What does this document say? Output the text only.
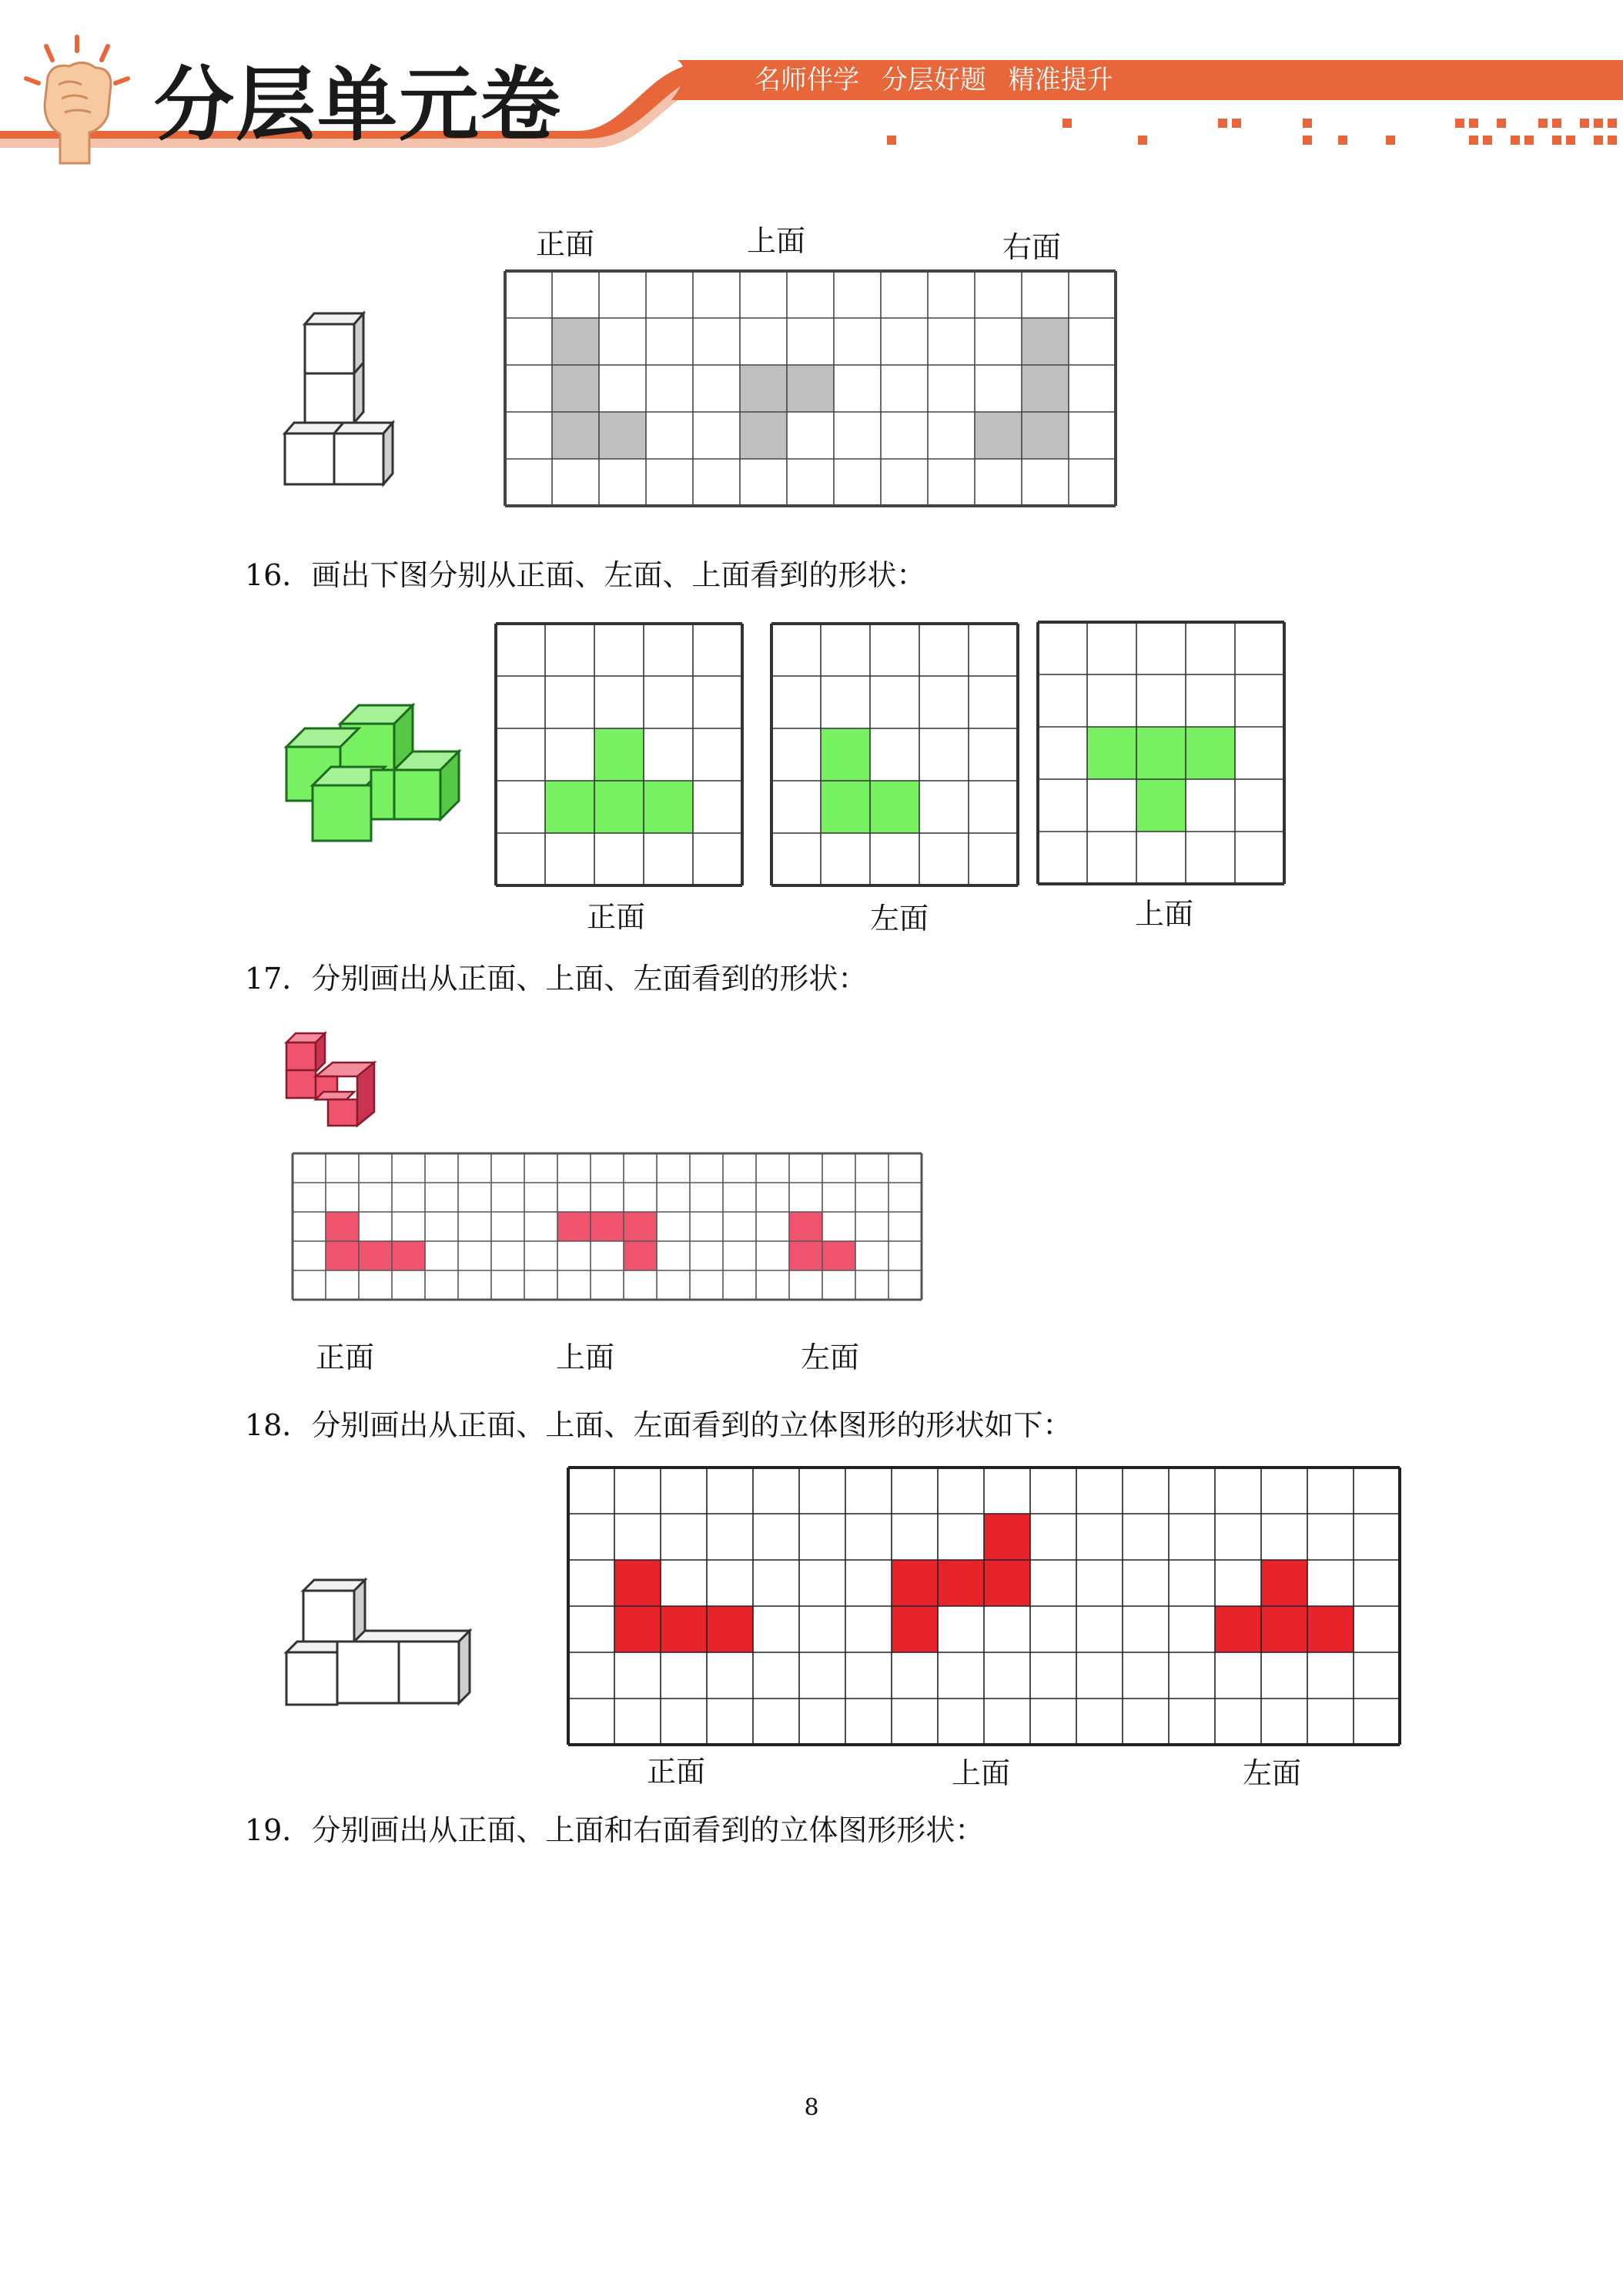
分层单元卷	名师伴学 分层好题 精准提升
正面	上面	右面
16．画出下图分别从正面、左面、上面看到的形状：
正面	左面	上面
17．分别画出从正面、上面、左面看到的形状：
正面	上面	左面
18．分别画出从正面、上面、左面看到的立体图形的形状如下：
正面	上面	左面
19．分别画出从正面、上面和右面看到的立体图形形状：
8
